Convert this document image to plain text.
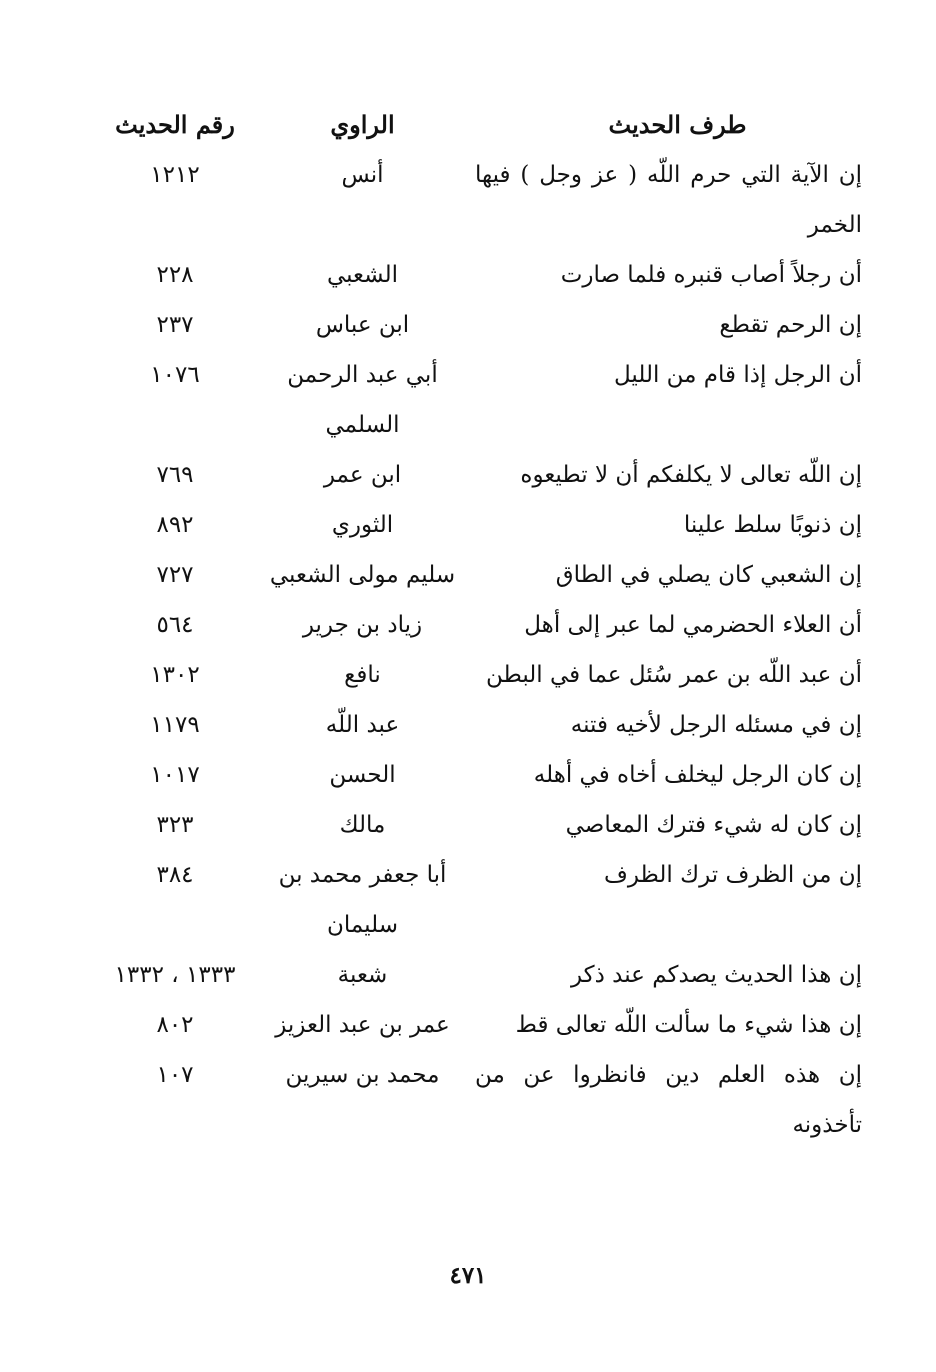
طرف الحديث
الراوي
رقم الحديث
إن الآية التي حرم اللّه ( عز وجل ) فيها الخمر
أنس
١٢١٢
أن رجلاً أصاب قنبره فلما صارت
الشعبي
٢٢٨
إن الرحم تقطع
ابن عباس
٢٣٧
أن الرجل إذا قام من الليل
أبي عبد الرحمن السلمي
١٠٧٦
إن اللّه تعالى لا يكلفكم أن لا تطيعوه
ابن عمر
٧٦٩
إن ذنوبًا سلط علينا
الثوري
٨٩٢
إن الشعبي كان يصلي في الطاق
سليم مولى الشعبي
٧٢٧
أن العلاء الحضرمي لما عبر إلى أهل
زياد بن جرير
٥٦٤
أن عبد اللّه بن عمر سُئل عما في البطن
نافع
١٣٠٢
إن في مسئله الرجل لأخيه فتنه
عبد اللّه
١١٧٩
إن كان الرجل ليخلف أخاه في أهله
الحسن
١٠١٧
إن كان له شيء فترك المعاصي
مالك
٣٢٣
إن من الظرف ترك الظرف
أبا جعفر محمد بن سليمان
٣٨٤
إن هذا الحديث يصدكم عند ذكر
شعبة
١٣٣٣ ، ١٣٣٢
إن هذا شيء ما سألت اللّه تعالى قط
عمر بن عبد العزيز
٨٠٢
إن هذه العلم دين فانظروا عن من تأخذونه
محمد بن سيرين
١٠٧
٤٧١
